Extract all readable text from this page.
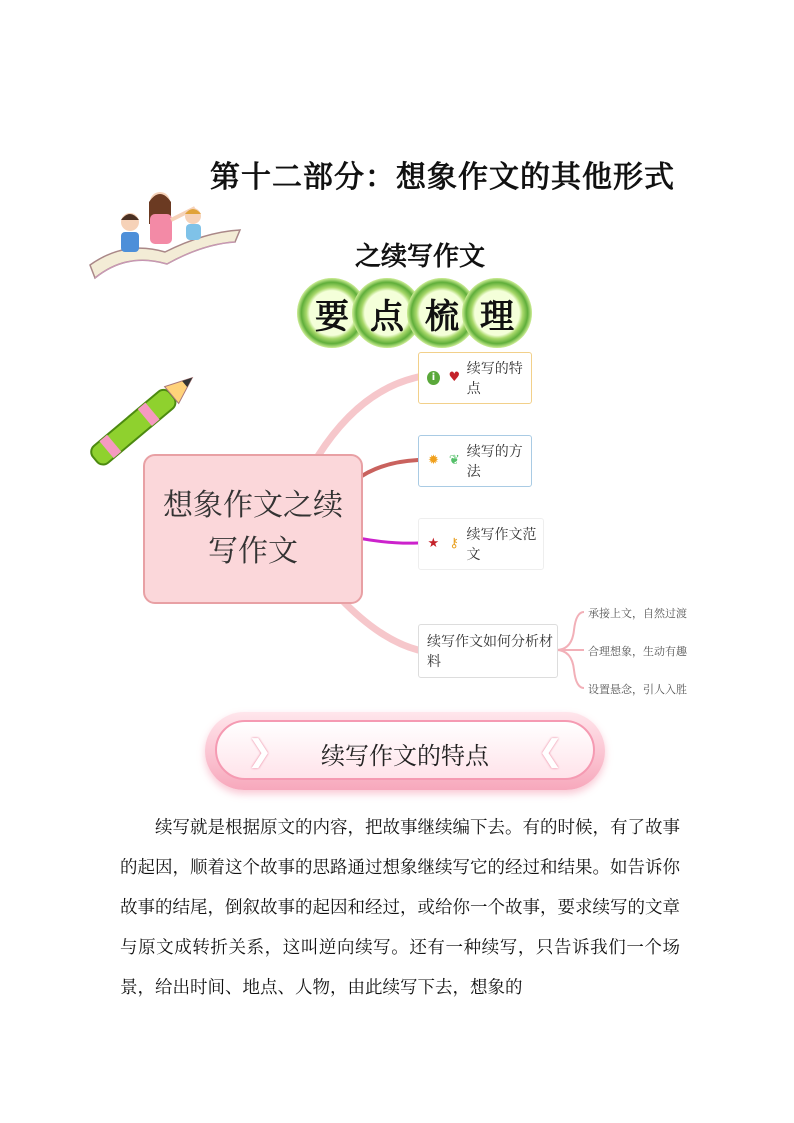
第十二部分：想象作文的其他形式
之续写作文
要 点 梳 理
想象作文之续写作文
i	♥
续写的特点
✹ ❦
续写的方法
★ ⚷
续写作文范文
续写作文如何分析材料
承接上文，自然过渡
合理想象，生动有趣
设置悬念，引人入胜
❯	❮
续写作文的特点

续写就是根据原文的内容，把故事继续编下去。有的时候，有了故事的起因，顺着这个故事的思路通过想象继续写它的经过和结果。如告诉你故事的结尾，倒叙故事的起因和经过，或给你一个故事，要求续写的文章与原文成转折关系，这叫逆向续写。还有一种续写，只告诉我们一个场景，给出时间、地点、人物，由此续写下去，想象的
